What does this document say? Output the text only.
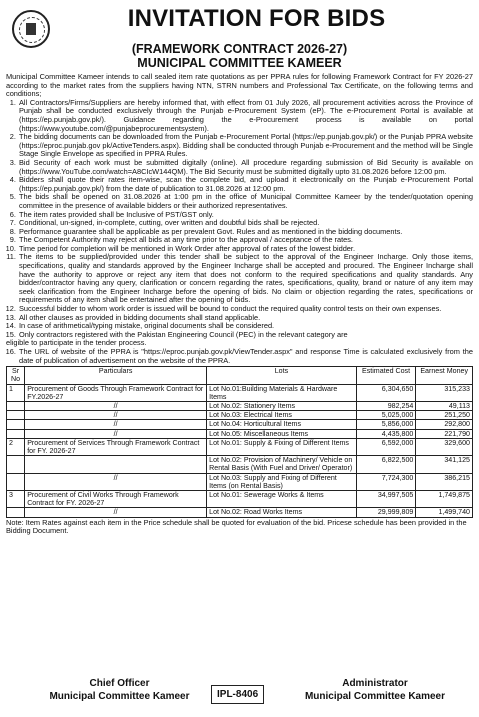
INVITATION FOR BIDS
(FRAMEWORK CONTRACT 2026-27)
MUNICIPAL COMMITTEE KAMEER
Municipal Committee Kameer intends to call sealed item rate quotations as per PPRA rules for following Framework Contract for FY 2026-27 according to the market rates from the suppliers having NTN, STRN numbers and Professional Tax Certificate, on the following terms and conditions;
1. All Contractors/Firms/Suppliers are hereby informed that, with effect from 01 July 2026, all procurement activities across the Province of Punjab shall be conducted exclusively through the Punjab e-Procurement System (eP). The e-Procurement Portal is available at (https://ep.punjab.gov.pk/). Guidance regarding the e-Procurement process is available on portal (https://www.youtube.com/@punjabeprocurementsystem).
2. The bidding documents can be downloaded from the Punjab e-Procurement Portal (https://ep.punjab.gov.pk/) or the Punjab PPRA website (https://eproc.punjab.gov pk/ActiveTenders.aspx). Bidding shall be conducted through Punjab e-Procurement and the method will be Single Stage Single Envelope as specified in PPRA Rules.
3. Bid Security of each work must be submitted digitally (online). All procedure regarding submission of Bid Security is available on (https://www.YouTube.com/watch=A8CIcW144QM). The Bid Security must be submitted digitally upto 31.08.2026 before 12:00 pm.
4. Bidders shall quote their rates item-wise, scan the complete bid, and upload it electronically on the Punjab e-Procurement Portal (https://ep.punjab.gov.pk/) from the date of publication to 31.08.2026 at 12:00 pm.
5. The bids shall be opened on 31.08.2026 at 1:00 pm in the office of Municipal Committee Kameer by the tender/quotation opening committee in the presence of available bidders or their authorized representatives.
6. The item rates provided shall be Inclusive of PST/GST only.
7. Conditional, un-signed, in-complete, cutting, over written and doubtful bids shall be rejected.
8. Performance guarantee shall be applicable as per prevalent Govt. Rules and as mentioned in the bidding documents.
9. The Competent Authority may reject all bids at any time prior to the approval / acceptance of the rates.
10. Time period for completion will be mentioned in Work Order after approval of rates of the lowest bidder.
11. The items to be supplied/provided under this tender shall be subject to the approval of the Engineer Incharge. Only those items, specifications, quality and standards approved by the Engineer Incharge shall be accepted and procured. The Engineer Incharge shall have the authority to approve or reject any item that does not conform to the required specifications and quality standards. Any bidder/contractor having any query, clarification or concern regarding the rates, specifications, quality, brand or nature of any item may seek clarification from the Engineer Incharge before the opening of bids. No claim or objection regarding the rates, specifications or requirements of any item shall be entertained after the opening of bids.
12. Successful bidder to whom work order is issued will be bound to conduct the required quality control tests on their own expenses.
13. All other clauses as provided in bidding documents shall stand applicable.
14. In case of arithmetical/typing mistake, original documents shall be considered.
15. Only contractors registered with the Pakistan Engineering Council (PEC) in the relevant category are
eligible to participate in the tender process.
16. The URL of website of the PPRA is "https://eproc.punjab.gov.pk/ViewTender.aspx" and response Time is calculated exclusively from the date of publication of advertisement on the website of the PPRA.
Sr No	Particulars	Lots	Estimated Cost	Earnest Money
1	Procurement of Goods Through Framework Contract for FY.2026-27	Lot No.01:Building Materials & Hardware Items	6,304,650	315,233
	//	Lot No.02: Stationery Items	982,254	49,113
	//	Lot No.03: Electrical Items	5,025,000	251,250
	//	Lot No.04: Horticultural Items	5,856,000	292,800
	//	Lot No.05: Miscellaneous Items	4,435,800	221,790
2	Procurement of Services Through Framework Contract for FY. 2026-27	Lot No.01: Supply & Fixing of Different Items	6,592,000	329,600
		Lot No.02: Provision of Machinery/ Vehicle on Rental Basis (With Fuel and Driver/ Operator)	6,822,500	341,125
	//	Lot No.03: Supply and Fixing of Different Items (on Rental Basis)	7,724,300	386,215
3	Procurement of Civil Works Through Framework Contract for FY. 2026-27	Lot No.01: Sewerage Works & Items	34,997,505	1,749,875
	//	Lot No.02: Road Works Items	29,999,809	1,499,740
Note: Item Rates against each item in the Price schedule shall be quoted for evaluation of the bid. Pricese schedule has been provided in the Bidding Document.
Chief Officer
Municipal Committee Kameer	IPL-8406
Administrator
Municipal Committee Kameer
